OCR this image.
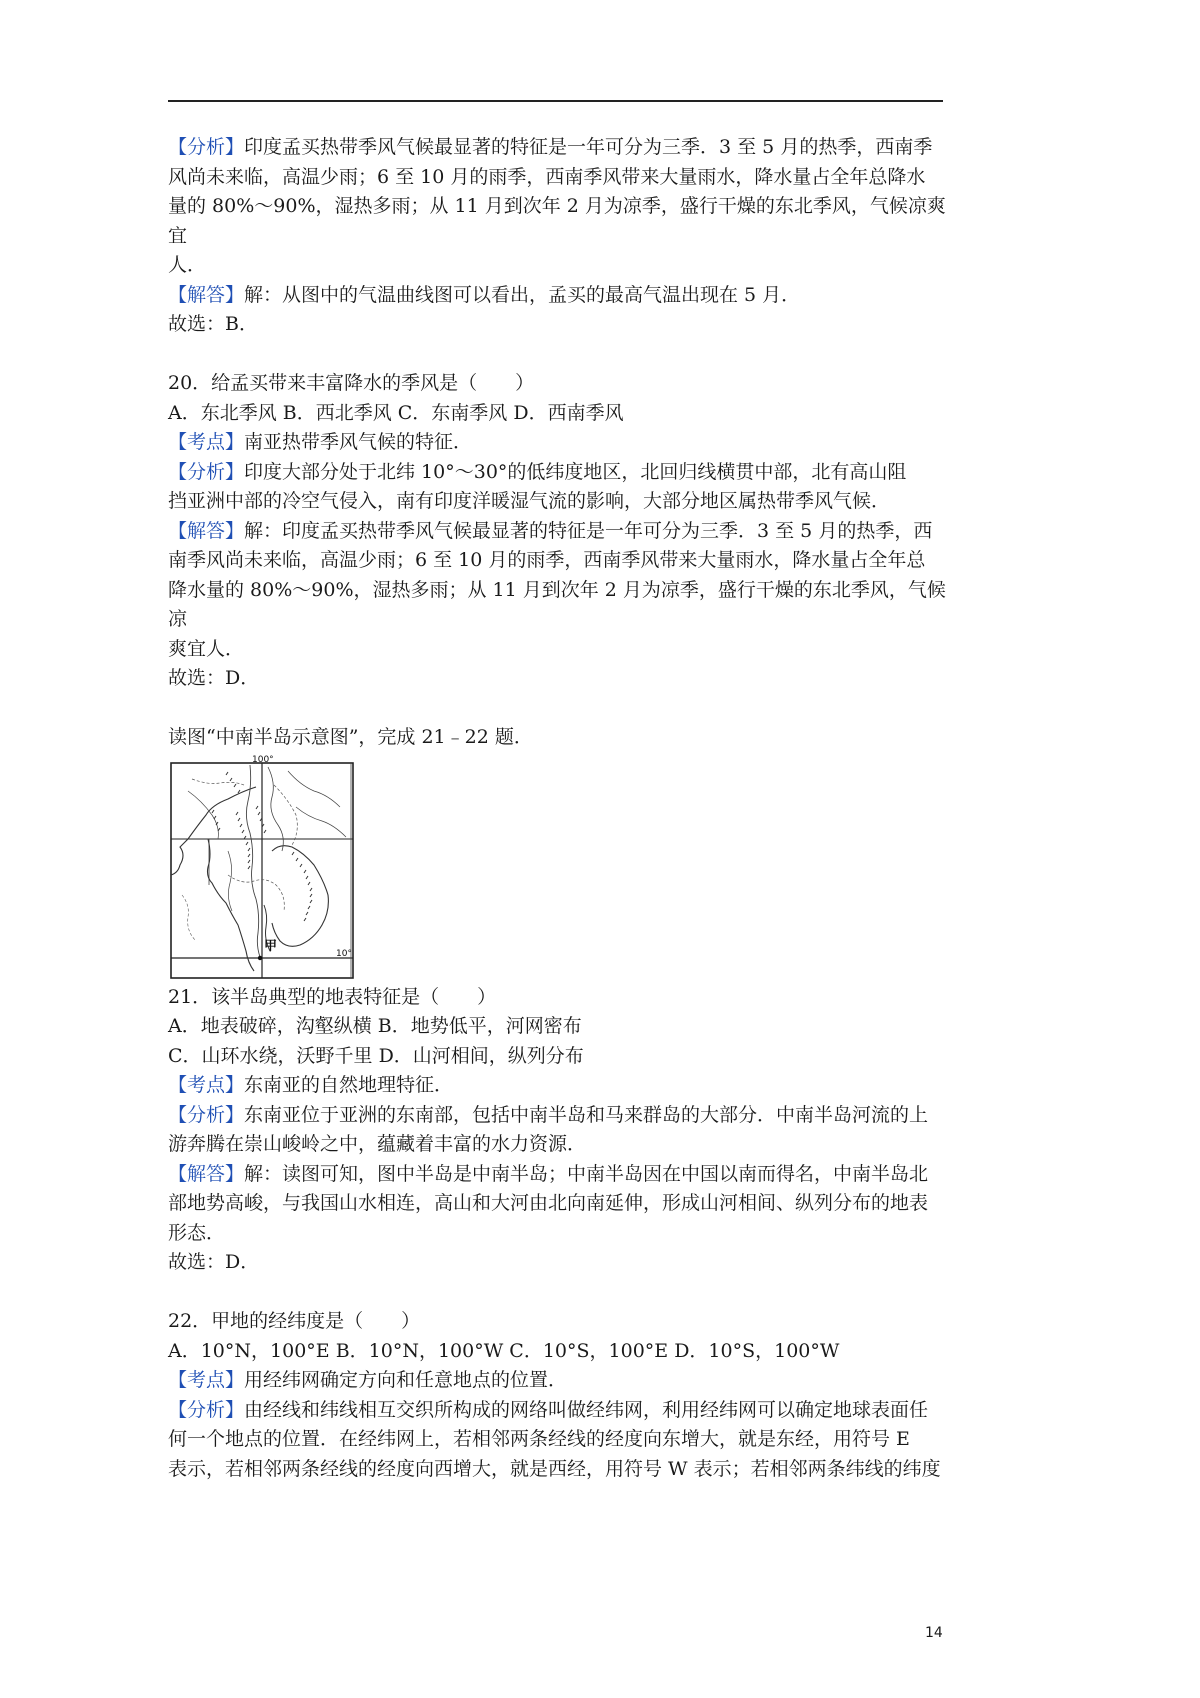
【分析】印度孟买热带季风气候最显著的特征是一年可分为三季．3 至 5 月的热季，西南季

风尚未来临，高温少雨；6 至 10 月的雨季，西南季风带来大量雨水，降水量占全年总降水

量的 80%～90%，湿热多雨；从 11 月到次年 2 月为凉季，盛行干燥的东北季风，气候凉爽宜

人．

【解答】解：从图中的气温曲线图可以看出，孟买的最高气温出现在 5 月．

故选：B．

20．给孟买带来丰富降水的季风是（　　）

A．东北季风 B．西北季风 C．东南季风 D．西南季风

【考点】南亚热带季风气候的特征．

【分析】印度大部分处于北纬 10°～30°的低纬度地区，北回归线横贯中部，北有高山阻

挡亚洲中部的冷空气侵入，南有印度洋暖湿气流的影响，大部分地区属热带季风气候．

【解答】解：印度孟买热带季风气候最显著的特征是一年可分为三季．3 至 5 月的热季，西

南季风尚未来临，高温少雨；6 至 10 月的雨季，西南季风带来大量雨水，降水量占全年总

降水量的 80%～90%，湿热多雨；从 11 月到次年 2 月为凉季，盛行干燥的东北季风，气候凉

爽宜人．

故选：D．

读图“中南半岛示意图”，完成 21﹣22 题．

100°
10°
甲

21．该半岛典型的地表特征是（　　）

A．地表破碎，沟壑纵横 B．地势低平，河网密布

C．山环水绕，沃野千里 D．山河相间，纵列分布

【考点】东南亚的自然地理特征．

【分析】东南亚位于亚洲的东南部，包括中南半岛和马来群岛的大部分．中南半岛河流的上

游奔腾在崇山峻岭之中，蕴藏着丰富的水力资源．

【解答】解：读图可知，图中半岛是中南半岛；中南半岛因在中国以南而得名，中南半岛北

部地势高峻，与我国山水相连，高山和大河由北向南延伸，形成山河相间、纵列分布的地表

形态．

故选：D．

22．甲地的经纬度是（　　）

A．10°N，100°E B．10°N，100°W C．10°S，100°E D．10°S，100°W

【考点】用经纬网确定方向和任意地点的位置．

【分析】由经线和纬线相互交织所构成的网络叫做经纬网，利用经纬网可以确定地球表面任

何一个地点的位置．在经纬网上，若相邻两条经线的经度向东增大，就是东经，用符号 E

表示，若相邻两条经线的经度向西增大，就是西经，用符号 W 表示；若相邻两条纬线的纬度

14
